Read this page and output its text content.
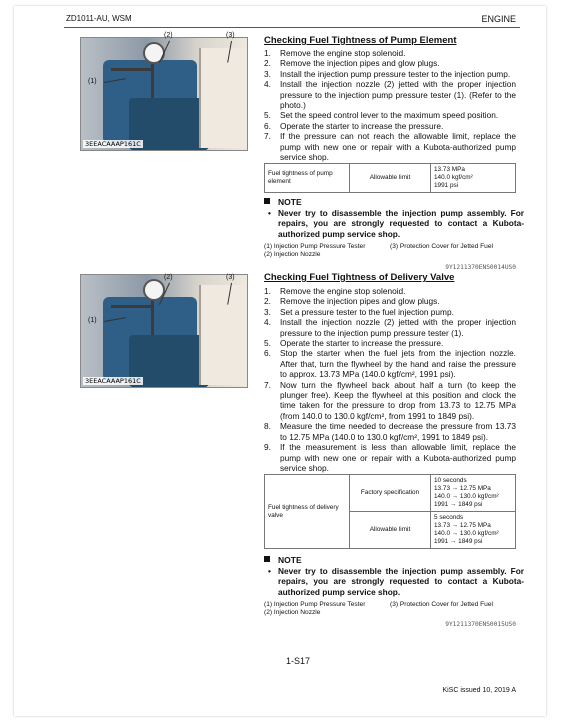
ZD1011-AU, WSM	ENGINE
3EEACAAAP161C
(2)	(3)
(1)
Checking Fuel Tightness of Pump Element
1. Remove the engine stop solenoid.
2. Remove the injection pipes and glow plugs.
3. Install the injection pump pressure tester to the injection pump.
4. Install the injection nozzle (2) jetted with the proper injection pressure to the injection pump pressure tester (1). (Refer to the photo.)
5. Set the speed control lever to the maximum speed position.
6. Operate the starter to increase the pressure.
7. If the pressure can not reach the allowable limit, replace the pump with new one or repair with a Kubota-authorized pump service shop.
Fuel tightness of pump element	Allowable limit	
13.73 MPa
140.0 kgf/cm²
1991 psi
NOTE
• Never try to disassemble the injection pump assembly. For repairs, you are strongly requested to contact a Kubota-authorized pump service shop.
(1) Injection Pump Pressure Tester	(3) Protection Cover for Jetted Fuel
(2) Injection Nozzle
9Y1211370ENS0014US0
3EEACAAAP161C
(2)	(3)
(1)
Checking Fuel Tightness of Delivery Valve
1. Remove the engine stop solenoid.
2. Remove the injection pipes and glow plugs.
3. Set a pressure tester to the fuel injection pump.
4. Install the injection nozzle (2) jetted with the proper injection pressure to the injection pump pressure tester (1).
5. Operate the starter to increase the pressure.
6. Stop the starter when the fuel jets from the injection nozzle. After that, turn the flywheel by the hand and raise the pressure to approx. 13.73 MPa (140.0 kgf/cm², 1991 psi).
7. Now turn the flywheel back about half a turn (to keep the plunger free). Keep the flywheel at this position and clock the time taken for the pressure to drop from 13.73 to 12.75 MPa (from 140.0 to 130.0 kgf/cm², from 1991 to 1849 psi).
8. Measure the time needed to decrease the pressure from 13.73 to 12.75 MPa (140.0 to 130.0 kgf/cm², 1991 to 1849 psi).
9. If the measurement is less than allowable limit, replace the pump with new one or repair with a Kubota-authorized pump service shop.
Fuel tightness of delivery valve	Factory specification	10 seconds
13.73 → 12.75 MPa
140.0 → 130.0 kgf/cm²
1991 → 1849 psi

	Allowable limit	5 seconds
13.73 → 12.75 MPa
140.0 → 130.0 kgf/cm²
1991 → 1849 psi
NOTE
• Never try to disassemble the injection pump assembly. For repairs, you are strongly requested to contact a Kubota-authorized pump service shop.
(1) Injection Pump Pressure Tester	(3) Protection Cover for Jetted Fuel
(2) Injection Nozzle
9Y1211370ENS0015US0
1-S17
KiSC issued 10, 2019 A
